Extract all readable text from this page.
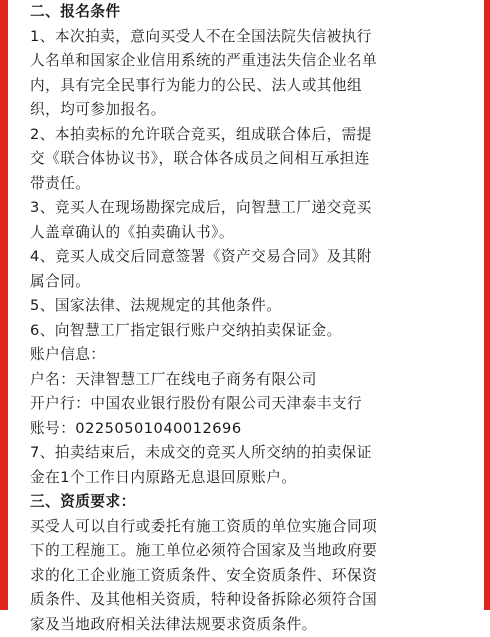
二、报名条件
1、本次拍卖，意向买受人不在全国法院失信被执行
人名单和国家企业信用系统的严重违法失信企业名单
内，具有完全民事行为能力的公民、法人或其他组
织，均可参加报名。
2、本拍卖标的允许联合竞买，组成联合体后，需提
交《联合体协议书》，联合体各成员之间相互承担连
带责任。
3、竞买人在现场勘探完成后，向智慧工厂递交竞买
人盖章确认的《拍卖确认书》。
4、竞买人成交后同意签署《资产交易合同》及其附
属合同。
5、国家法律、法规规定的其他条件。
6、向智慧工厂指定银行账户交纳拍卖保证金。
账户信息：
户名：天津智慧工厂在线电子商务有限公司
开户行：中国农业银行股份有限公司天津泰丰支行
账号：02250501040012696
7、拍卖结束后，未成交的竞买人所交纳的拍卖保证
金在1个工作日内原路无息退回原账户。
三、资质要求：
买受人可以自行或委托有施工资质的单位实施合同项
下的工程施工。施工单位必须符合国家及当地政府要
求的化工企业施工资质条件、安全资质条件、环保资
质条件、及其他相关资质，特种设备拆除必须符合国
家及当地政府相关法律法规要求资质条件。
